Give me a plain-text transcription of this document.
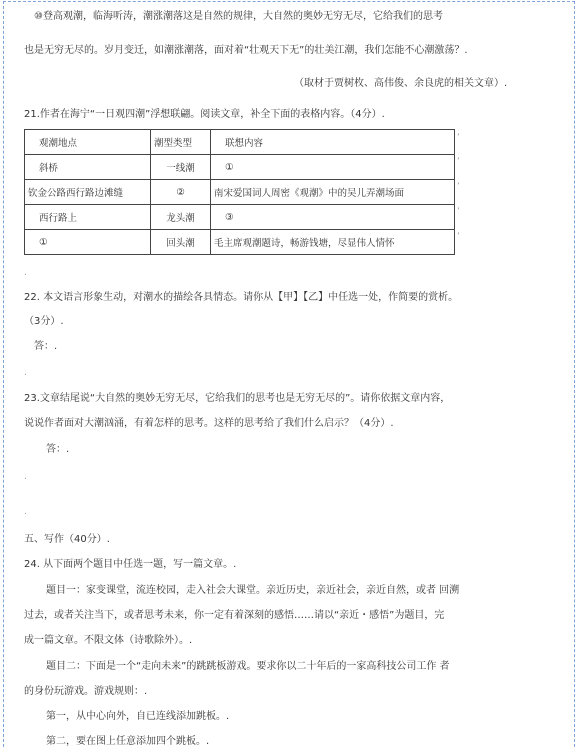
⑩登高观潮，临海听涛，潮涨潮落这是自然的规律，大自然的奥妙无穷无尽，它给我们的思考
也是无穷无尽的。岁月变迁，如潮涨潮落，面对着“壮观天下无”的壮美江潮，我们怎能不心潮激荡？.
（取材于贾树枚、高伟俊、余良虎的相关文章）.
21.作者在海宁“一日观四潮”浮想联翩。阅读文章，补全下面的表格内容。（4分）.
观潮地点	潮型类型	联想内容
斜桥	一线潮	①
钦金公路西行路边滩缝	②	南宋爱国词人周密《观潮》中的吴儿弄潮场面
西行路上	龙头潮	③
①	回头潮	毛主席观潮题诗，畅游钱塘，尽显伟人情怀
’
’
’
’
’
.
22. 本文语言形象生动，对潮水的描绘各具情态。请你从【甲】【乙】中任选一处，作简要的赏析。
（3分）.
答：.
.
23.文章结尾说“大自然的奥妙无穷无尽，它给我们的思考也是无穷无尽的”。请你依据文章内容，
说说作者面对大潮汹涌，有着怎样的思考。这样的思考给了我们什么启示？（4分）.
答：.
.
.
五、写作（40分）.
24. 从下面两个题目中任选一题，写一篇文章。.
题目一：家变课堂，流连校园，走入社会大课堂。亲近历史，亲近社会，亲近自然，或者 回溯
过去，或者关注当下，或者思考未来，你一定有着深刻的感悟……请以“亲近・感悟”为题目，完
成一篇文章。不限文体（诗歌除外）。.
题目二：下面是一个“走向未来”的跳跳板游戏。要求你以二十年后的一家高科技公司工作 者
的身份玩游戏。游戏规则：.
第一，从中心向外，自已连线添加跳板。.
第二，要在图上任意添加四个跳板。.
